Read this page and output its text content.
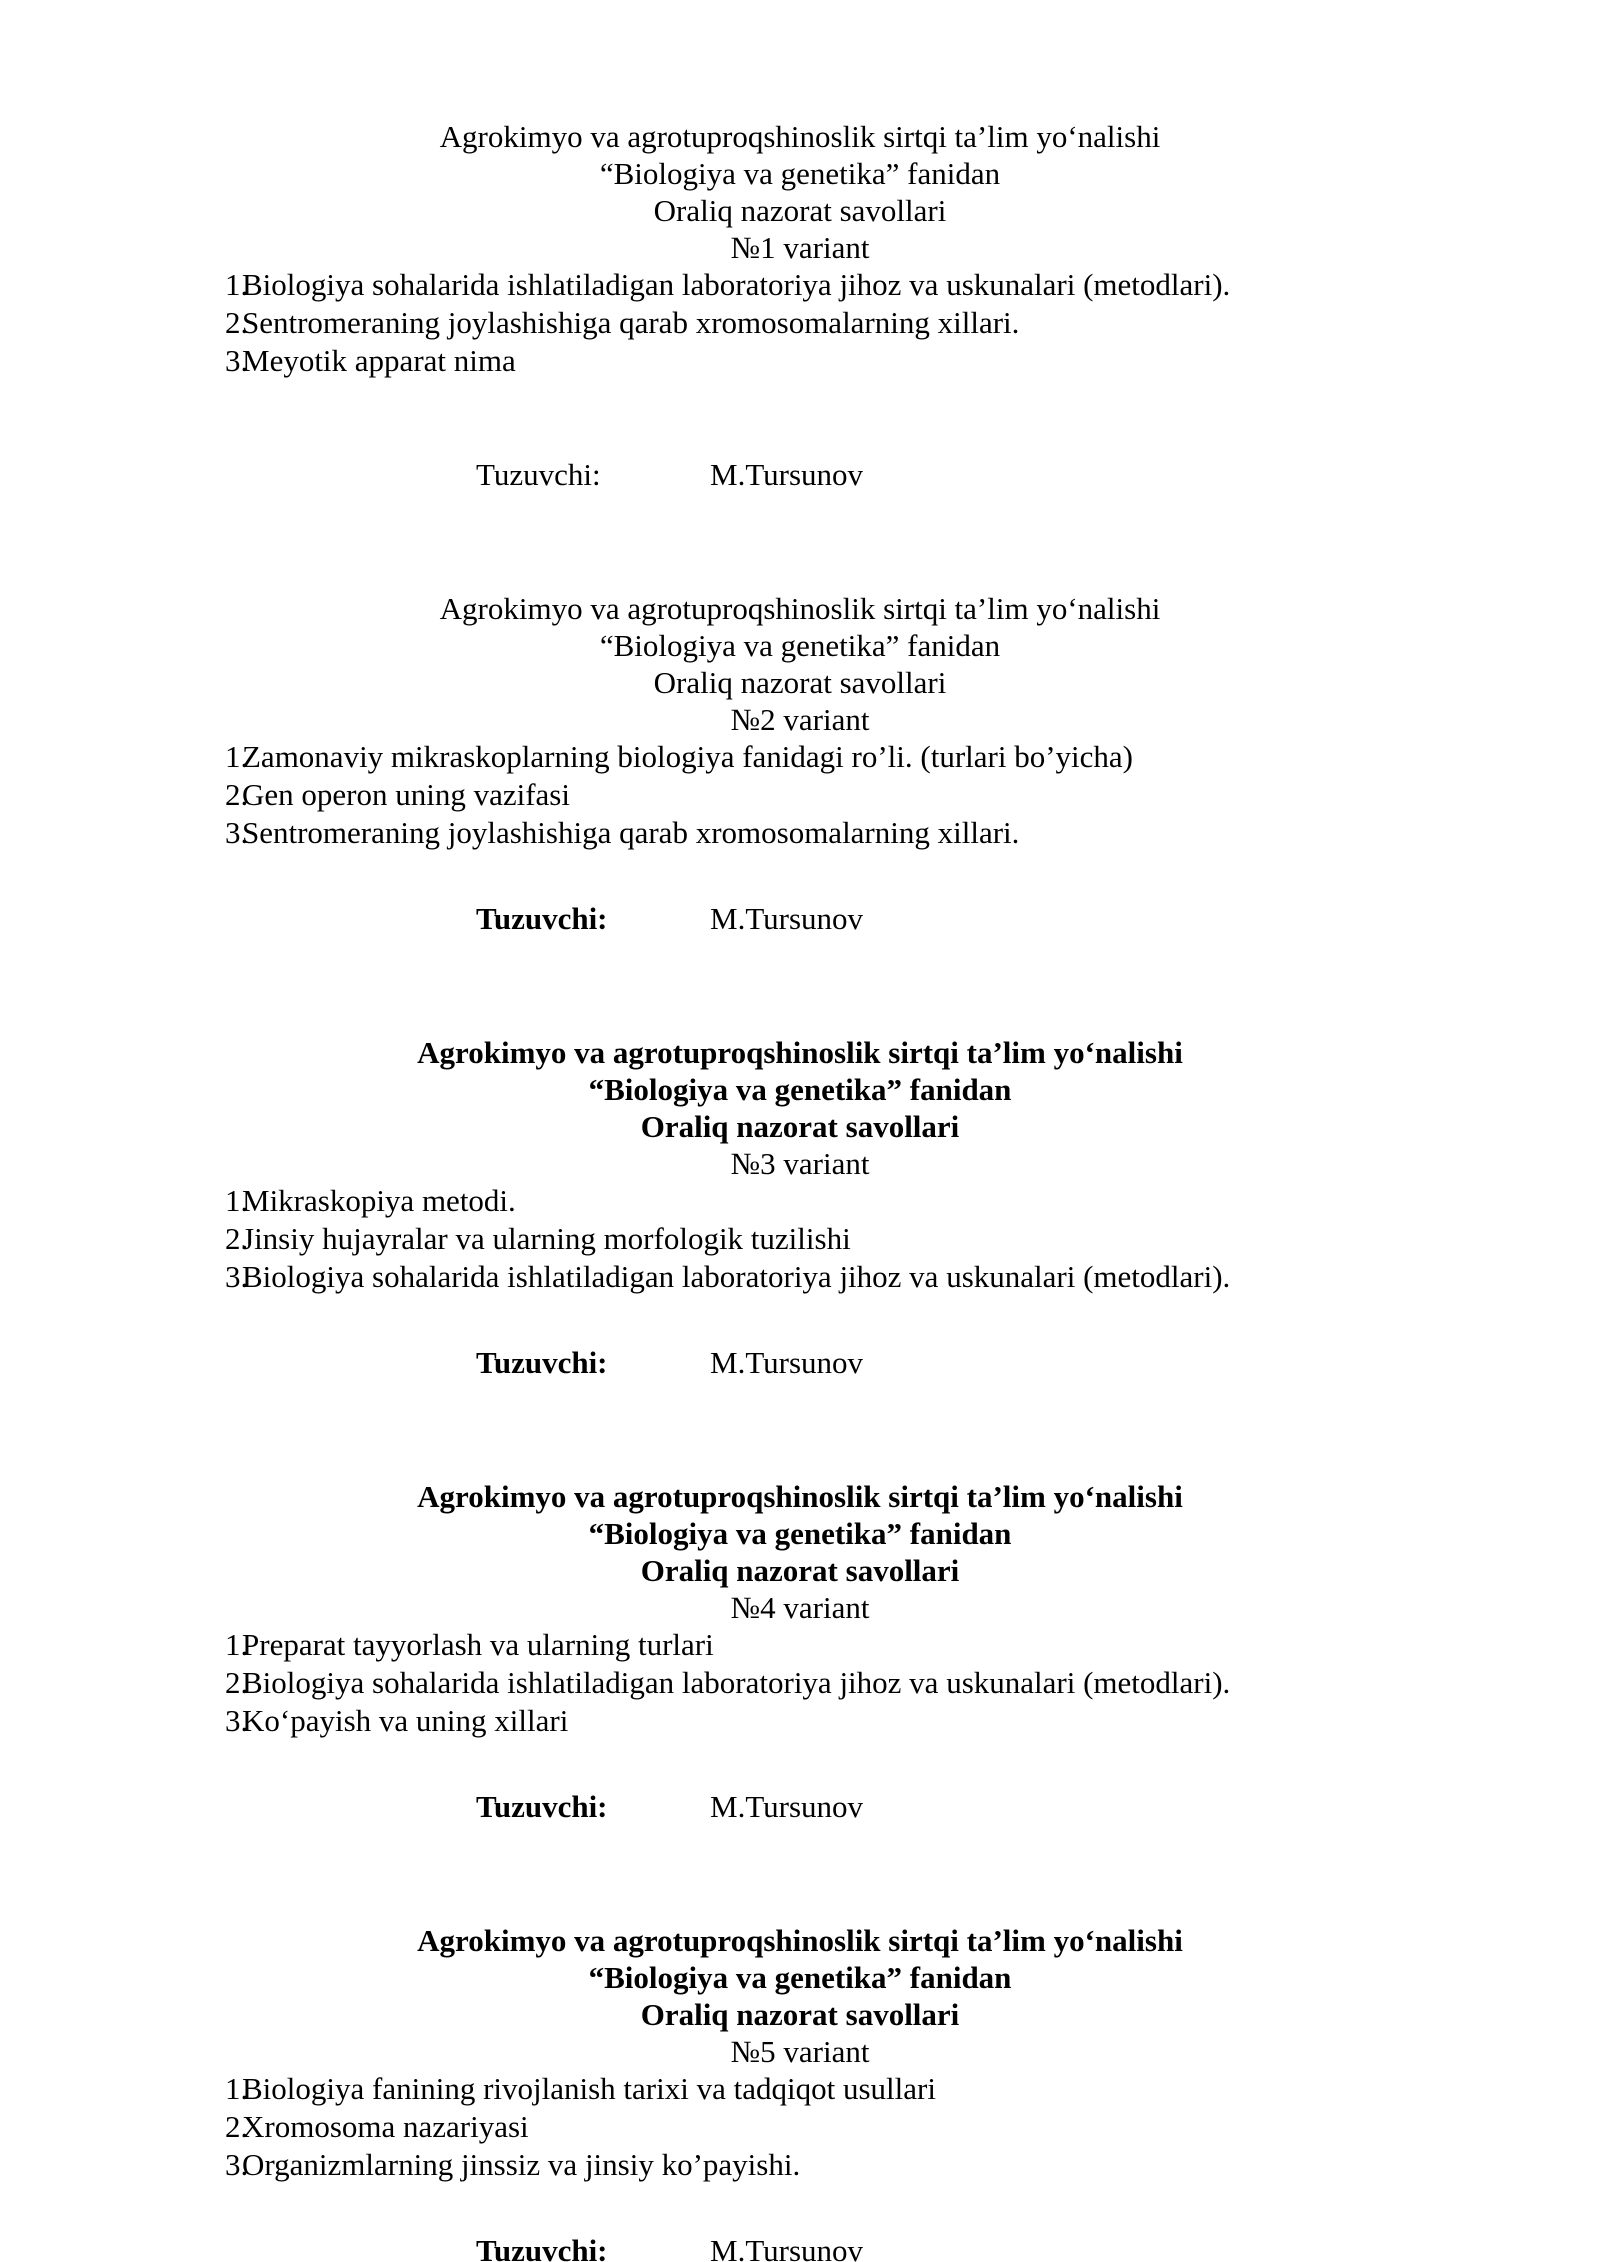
Agrokimyo va agrotuproqshinoslik sirtqi ta’lim yo‘nalishi
“Biologiya va genetika” fanidan
Oraliq nazorat savollari
№1 variant
1.
Biologiya sohalarida ishlatiladigan laboratoriya jihoz va uskunalari (metodlari).
2.
Sentromeraning joylashishiga qarab xromosomalarning xillari.
3.
Meyotik apparat nima
Tuzuvchi:	M.Tursunov
Agrokimyo va agrotuproqshinoslik sirtqi ta’lim yo‘nalishi
“Biologiya va genetika” fanidan
Oraliq nazorat savollari
№2 variant
1.
Zamonaviy mikraskoplarning biologiya fanidagi ro’li. (turlari bo’yicha)
2.
Gen operon uning vazifasi
3.
Sentromeraning joylashishiga qarab xromosomalarning xillari.
Tuzuvchi:	M.Tursunov
Agrokimyo va agrotuproqshinoslik sirtqi ta’lim yo‘nalishi
“Biologiya va genetika” fanidan
Oraliq nazorat savollari
№3 variant
1.
Mikraskopiya metodi.
2.
Jinsiy hujayralar va ularning morfologik tuzilishi
3.
Biologiya sohalarida ishlatiladigan laboratoriya jihoz va uskunalari (metodlari).
Tuzuvchi:	M.Tursunov
Agrokimyo va agrotuproqshinoslik sirtqi ta’lim yo‘nalishi
“Biologiya va genetika” fanidan
Oraliq nazorat savollari
№4 variant
1.
Preparat tayyorlash va ularning turlari
2.
Biologiya sohalarida ishlatiladigan laboratoriya jihoz va uskunalari (metodlari).
3.
Ko‘payish va uning xillari
Tuzuvchi:	M.Tursunov
Agrokimyo va agrotuproqshinoslik sirtqi ta’lim yo‘nalishi
“Biologiya va genetika” fanidan
Oraliq nazorat savollari
№5 variant
1.
Biologiya fanining rivojlanish tarixi va tadqiqot usullari
2.
Xromosoma nazariyasi
3.
Organizmlarning jinssiz va jinsiy ko’payishi.
Tuzuvchi:	M.Tursunov
